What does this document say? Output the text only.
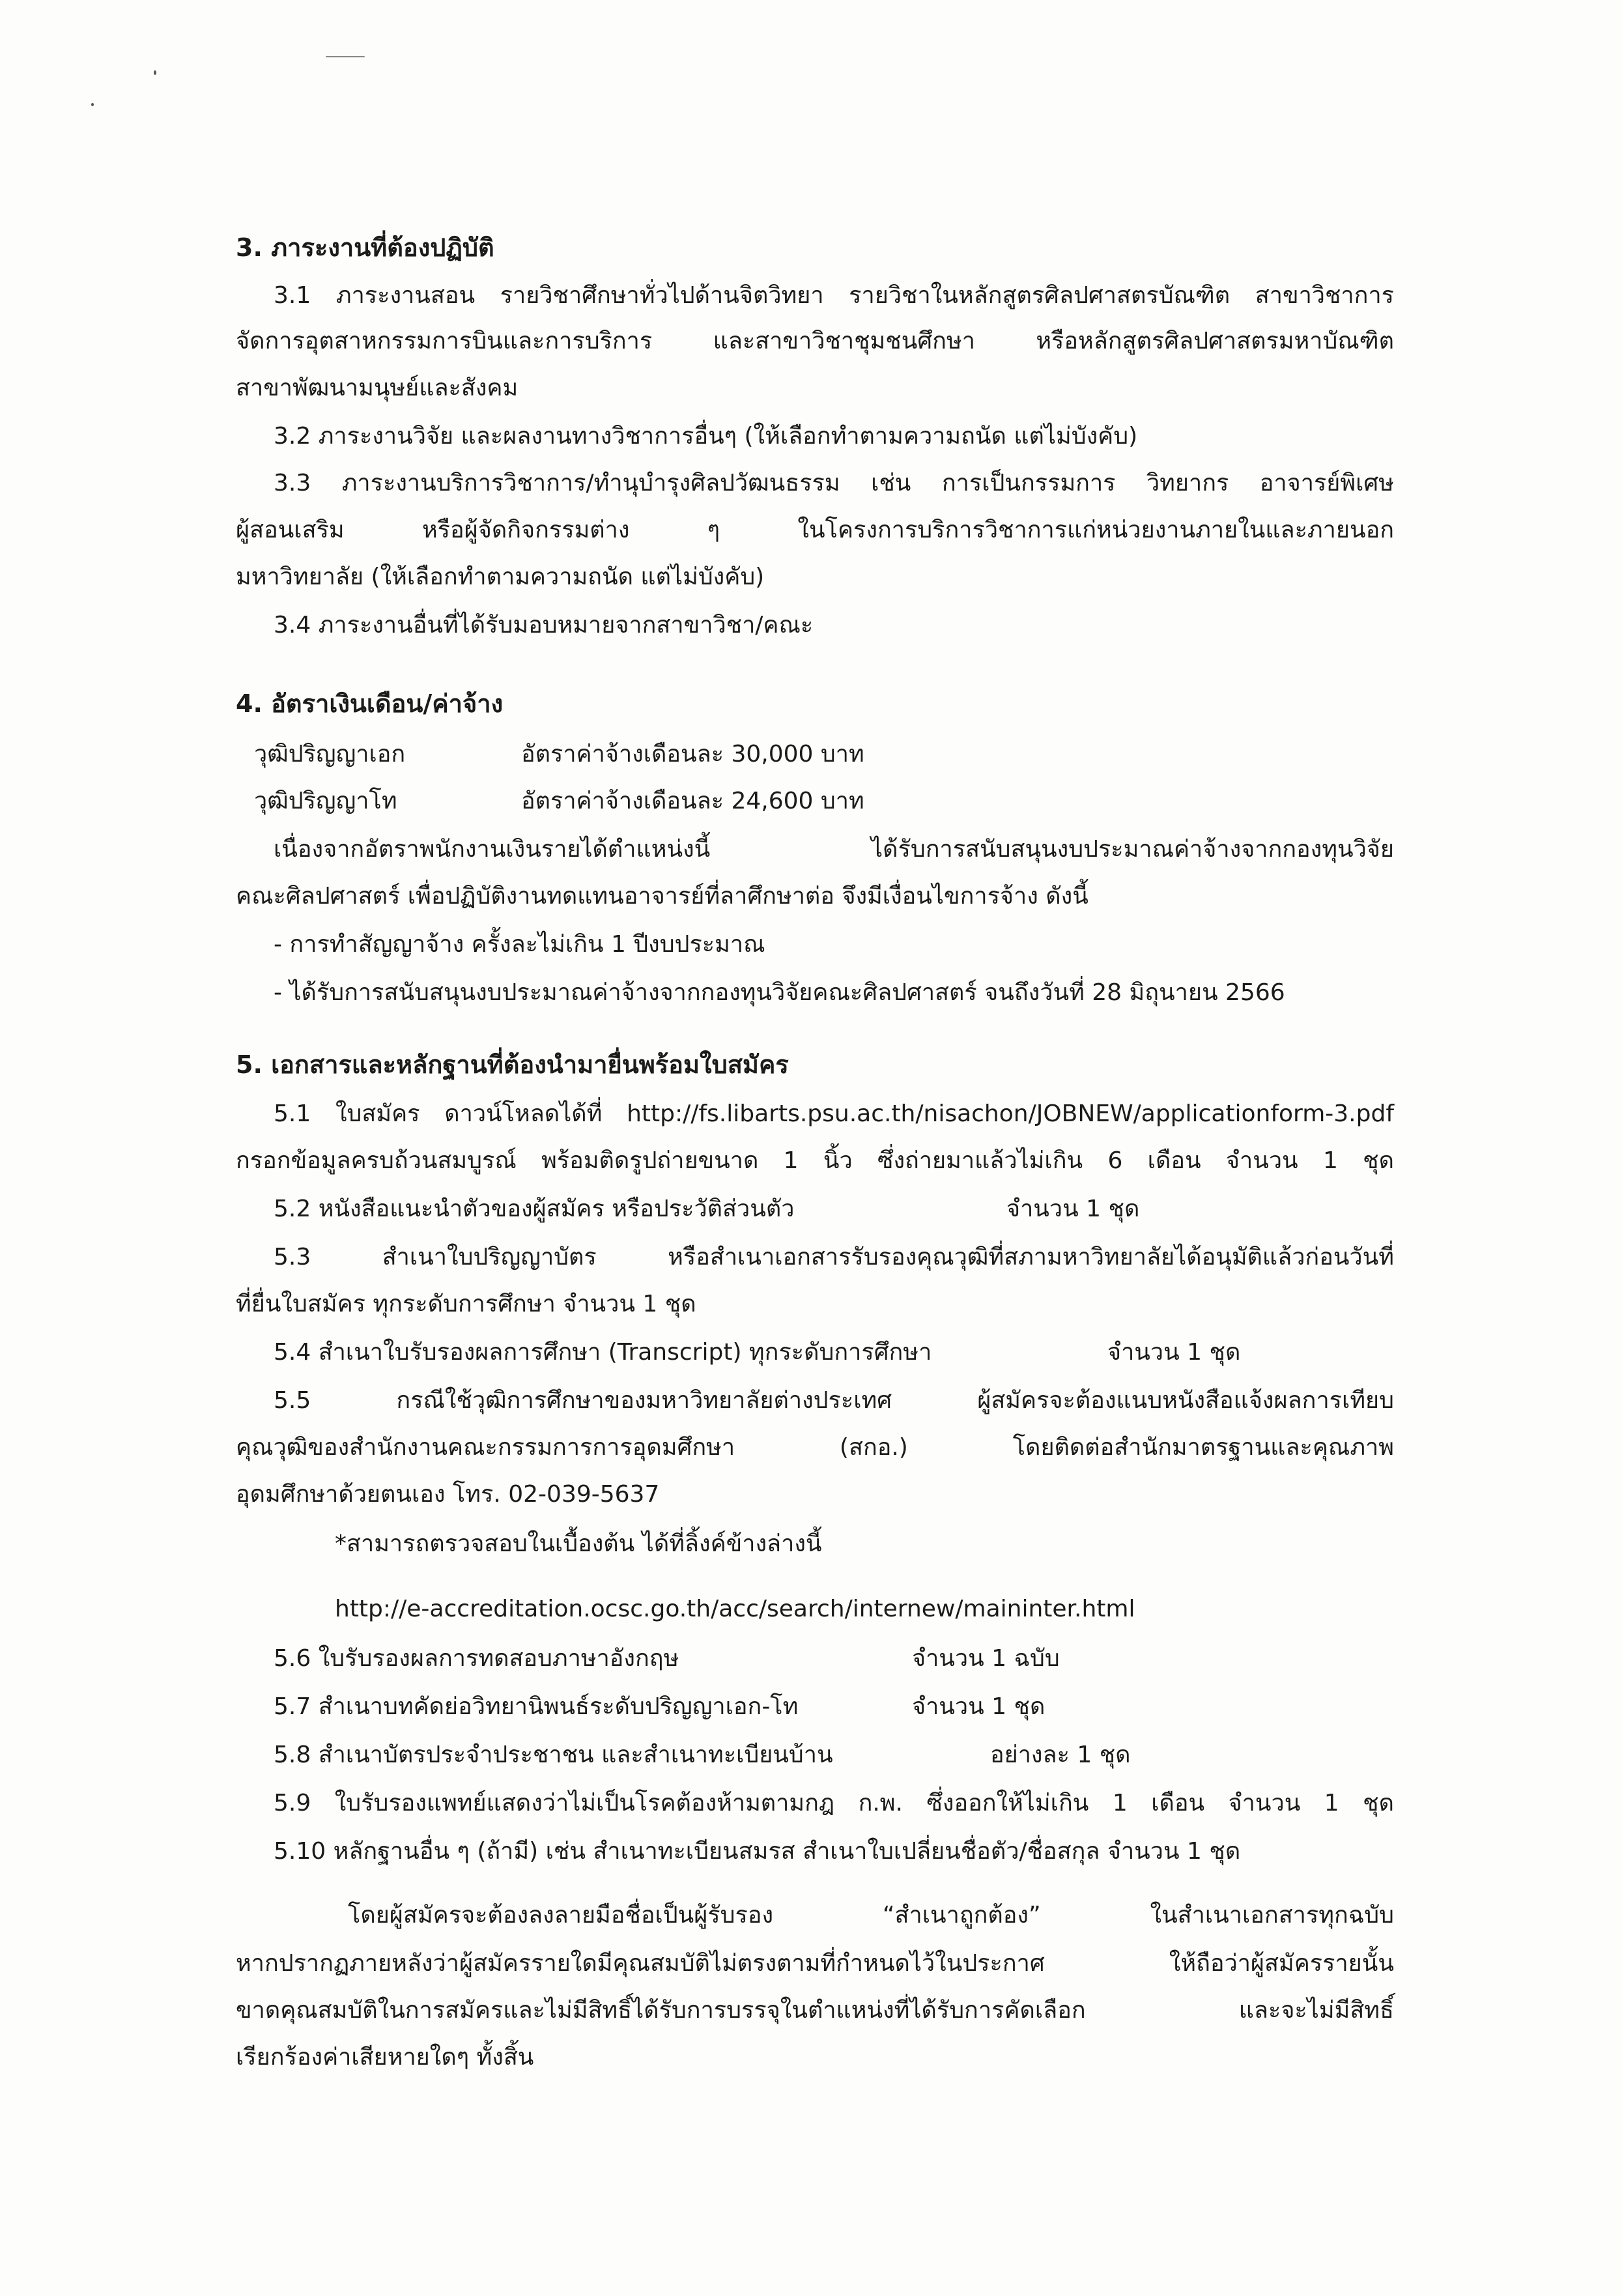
3. ภาระงานที่ต้องปฏิบัติ
3.1 ภาระงานสอน รายวิชาศึกษาทั่วไปด้านจิตวิทยา รายวิชาในหลักสูตรศิลปศาสตรบัณฑิต สาขาวิชาการ
จัดการอุตสาหกรรมการบินและการบริการ และสาขาวิชาชุมชนศึกษา หรือหลักสูตรศิลปศาสตรมหาบัณฑิต
สาขาพัฒนามนุษย์และสังคม
3.2 ภาระงานวิจัย และผลงานทางวิชาการอื่นๆ (ให้เลือกทำตามความถนัด แต่ไม่บังคับ)
3.3 ภาระงานบริการวิชาการ/ทำนุบำรุงศิลปวัฒนธรรม เช่น การเป็นกรรมการ วิทยากร อาจารย์พิเศษ
ผู้สอนเสริม หรือผู้จัดกิจกรรมต่าง ๆ ในโครงการบริการวิชาการแก่หน่วยงานภายในและภายนอก
มหาวิทยาลัย (ให้เลือกทำตามความถนัด แต่ไม่บังคับ)
3.4 ภาระงานอื่นที่ได้รับมอบหมายจากสาขาวิชา/คณะ
4. อัตราเงินเดือน/ค่าจ้าง
วุฒิปริญญาเอก	อัตราค่าจ้างเดือนละ 30,000 บาท
วุฒิปริญญาโท	อัตราค่าจ้างเดือนละ 24,600 บาท
เนื่องจากอัตราพนักงานเงินรายได้ตำแหน่งนี้ ได้รับการสนับสนุนงบประมาณค่าจ้างจากกองทุนวิจัย
คณะศิลปศาสตร์ เพื่อปฏิบัติงานทดแทนอาจารย์ที่ลาศึกษาต่อ จึงมีเงื่อนไขการจ้าง ดังนี้
- การทำสัญญาจ้าง ครั้งละไม่เกิน 1 ปีงบประมาณ
- ได้รับการสนับสนุนงบประมาณค่าจ้างจากกองทุนวิจัยคณะศิลปศาสตร์ จนถึงวันที่ 28 มิถุนายน 2566
5. เอกสารและหลักฐานที่ต้องนำมายื่นพร้อมใบสมัคร
5.1 ใบสมัคร ดาวน์โหลดได้ที่ http://fs.libarts.psu.ac.th/nisachon/JOBNEW/applicationform-3.pdf
กรอกข้อมูลครบถ้วนสมบูรณ์ พร้อมติดรูปถ่ายขนาด 1 นิ้ว ซึ่งถ่ายมาแล้วไม่เกิน 6 เดือน จำนวน 1 ชุด
5.2 หนังสือแนะนำตัวของผู้สมัคร หรือประวัติส่วนตัว	จำนวน 1 ชุด
5.3 สำเนาใบปริญญาบัตร หรือสำเนาเอกสารรับรองคุณวุฒิที่สภามหาวิทยาลัยได้อนุมัติแล้วก่อนวันที่
ที่ยื่นใบสมัคร ทุกระดับการศึกษา จำนวน 1 ชุด
5.4 สำเนาใบรับรองผลการศึกษา (Transcript) ทุกระดับการศึกษา	จำนวน 1 ชุด
5.5 กรณีใช้วุฒิการศึกษาของมหาวิทยาลัยต่างประเทศ ผู้สมัครจะต้องแนบหนังสือแจ้งผลการเทียบ
คุณวุฒิของสำนักงานคณะกรรมการการอุดมศึกษา (สกอ.) โดยติดต่อสำนักมาตรฐานและคุณภาพ
อุดมศึกษาด้วยตนเอง โทร. 02-039-5637
*สามารถตรวจสอบในเบื้องต้น ได้ที่ลิ้งค์ข้างล่างนี้
http://e-accreditation.ocsc.go.th/acc/search/internew/maininter.html
5.6 ใบรับรองผลการทดสอบภาษาอังกฤษ	จำนวน 1 ฉบับ
5.7 สำเนาบทคัดย่อวิทยานิพนธ์ระดับปริญญาเอก-โท	จำนวน 1 ชุด
5.8 สำเนาบัตรประจำประชาชน และสำเนาทะเบียนบ้าน	อย่างละ 1 ชุด
5.9 ใบรับรองแพทย์แสดงว่าไม่เป็นโรคต้องห้ามตามกฎ ก.พ. ซึ่งออกให้ไม่เกิน 1 เดือน จำนวน 1 ชุด
5.10 หลักฐานอื่น ๆ (ถ้ามี) เช่น สำเนาทะเบียนสมรส สำเนาใบเปลี่ยนชื่อตัว/ชื่อสกุล จำนวน 1 ชุด
โดยผู้สมัครจะต้องลงลายมือชื่อเป็นผู้รับรอง “สำเนาถูกต้อง” ในสำเนาเอกสารทุกฉบับ
หากปรากฏภายหลังว่าผู้สมัครรายใดมีคุณสมบัติไม่ตรงตามที่กำหนดไว้ในประกาศ ให้ถือว่าผู้สมัครรายนั้น
ขาดคุณสมบัติในการสมัครและไม่มีสิทธิ์ได้รับการบรรจุในตำแหน่งที่ได้รับการคัดเลือก และจะไม่มีสิทธิ์
เรียกร้องค่าเสียหายใดๆ ทั้งสิ้น
